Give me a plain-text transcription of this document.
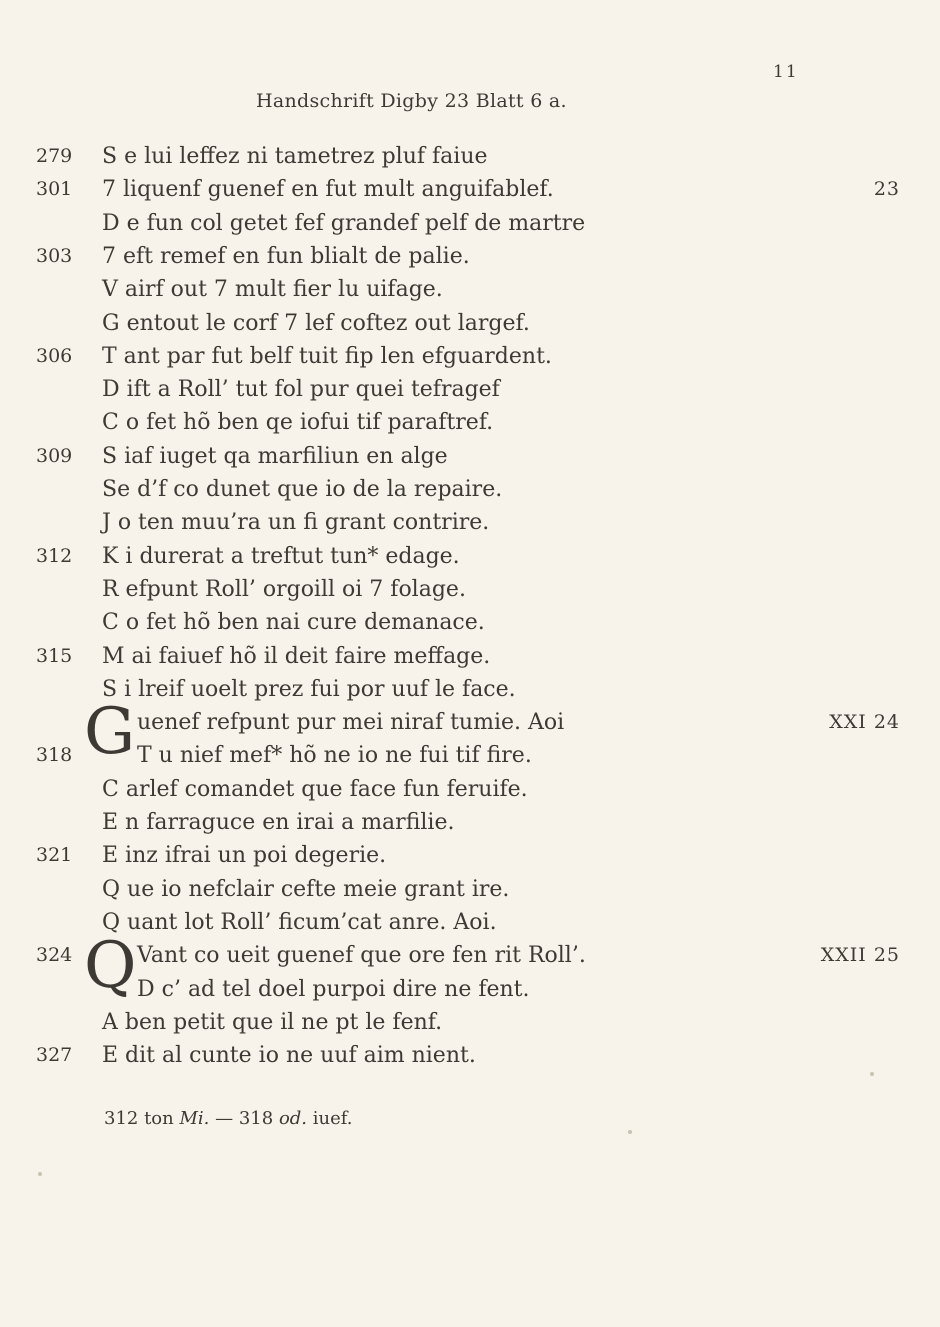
11
Handschrift Digby 23 Blatt 6 a.
279	S e lui leffez ni tametrez pluf faiue
301	7 liquenf guenef en fut mult anguifablef.	23
D e fun col getet fef grandef pelf de martre
303	7 eft remef en fun blialt de palie.
V airf out 7 mult fier lu uifage.
G entout le corf 7 lef coftez out largef.
306	T ant par fut belf tuit fip len efguardent.
D ift a Roll’ tut fol pur quei tefragef
C o fet hõ ben qe iofui tif paraftref.
309	S iaf iuget qa marfiliun en alge
Se d’f co dunet que io de la repaire.
J o ten muu’ra un fi grant contrire.
312	K i durerat a treftut tun* edage.
R efpunt Roll’ orgoill oi 7 folage.
C o fet hõ ben nai cure demanace.
315	M ai faiuef hõ il deit faire meffage.
S i lreif uoelt prez fui por uuf le face.
uenef refpunt pur mei niraf tumie. Aoi	XXI 24
318	T u nief mef* hõ ne io ne fui tif fire.
C arlef comandet que face fun feruife.
E n farraguce en irai a marfilie.
321	E inz ifrai un poi degerie.
Q ue io nefclair cefte meie grant ire.
Q uant lot Roll’ ficum’cat anre. Aoi.
324	Vant co ueit guenef que ore fen rit Roll’.	XXII 25
D c’ ad tel doel purpoi dire ne fent.
A ben petit que il ne pt le fenf.
327	E dit al cunte io ne uuf aim nient.
G
Q
312 ton Mi. — 318 od. iuef.
